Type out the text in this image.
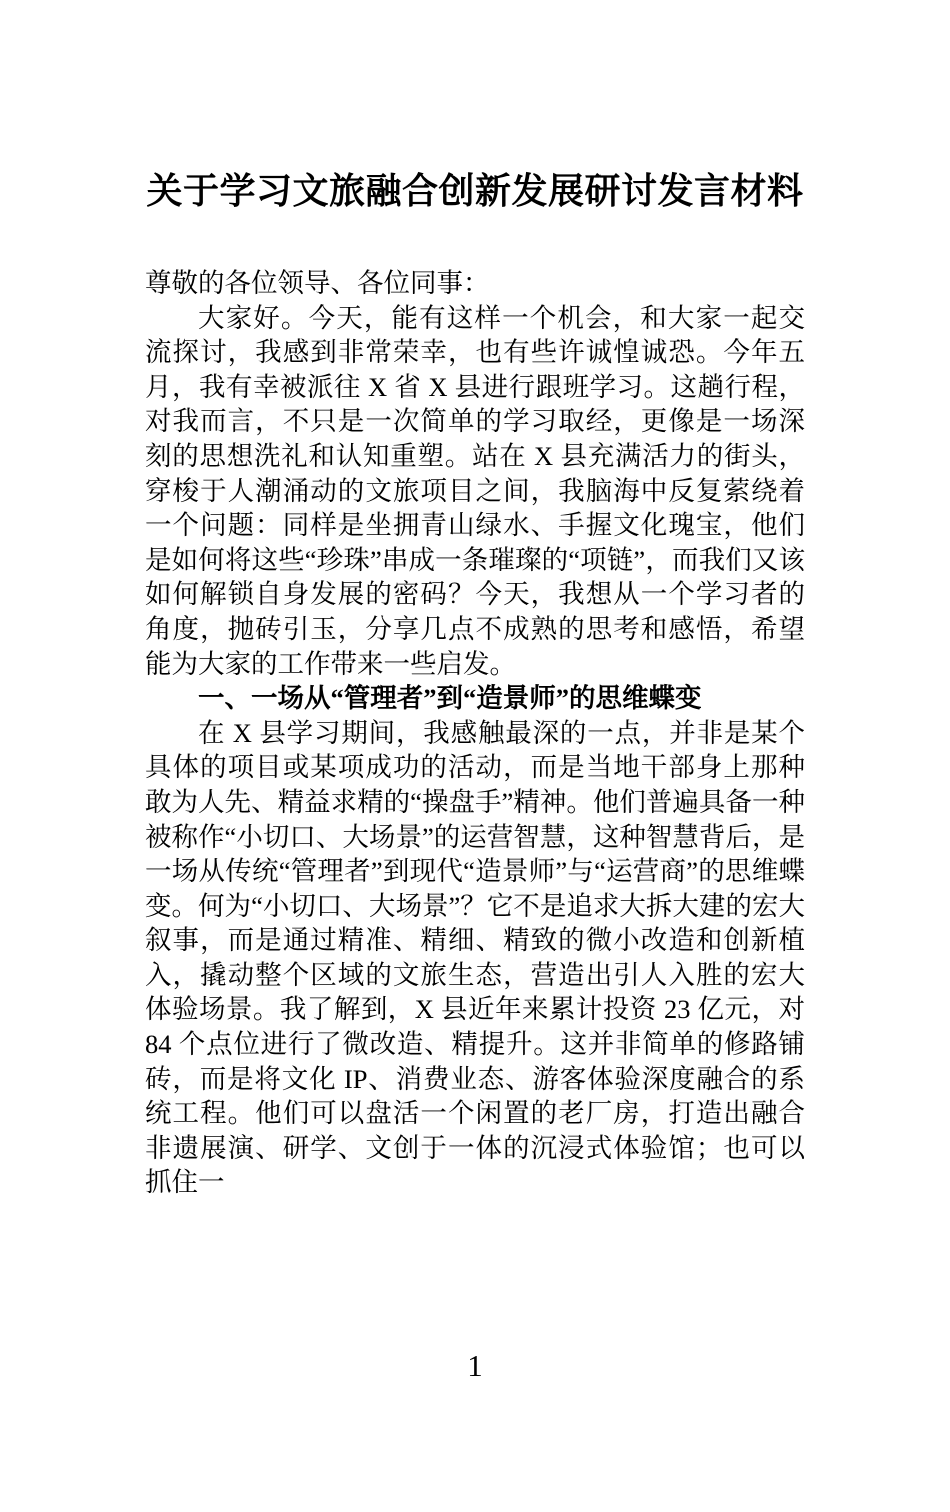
关于学习文旅融合创新发展研讨发言材料

尊敬的各位领导、各位同事：

大家好。今天，能有这样一个机会，和大家一起交流探讨，我感到非常荣幸，也有些许诚惶诚恐。今年五月，我有幸被派往 X 省 X 县进行跟班学习。这趟行程，对我而言，不只是一次简单的学习取经，更像是一场深刻的思想洗礼和认知重塑。站在 X 县充满活力的街头，穿梭于人潮涌动的文旅项目之间，我脑海中反复萦绕着一个问题：同样是坐拥青山绿水、手握文化瑰宝，他们是如何将这些“珍珠”串成一条璀璨的“项链”，而我们又该如何解锁自身发展的密码？今天，我想从一个学习者的角度，抛砖引玉，分享几点不成熟的思考和感悟，希望能为大家的工作带来一些启发。

一、一场从“管理者”到“造景师”的思维蝶变

在 X 县学习期间，我感触最深的一点，并非是某个具体的项目或某项成功的活动，而是当地干部身上那种敢为人先、精益求精的“操盘手”精神。他们普遍具备一种被称作“小切口、大场景”的运营智慧，这种智慧背后，是一场从传统“管理者”到现代“造景师”与“运营商”的思维蝶变。何为“小切口、大场景”？它不是追求大拆大建的宏大叙事，而是通过精准、精细、精致的微小改造和创新植入，撬动整个区域的文旅生态，营造出引人入胜的宏大体验场景。我了解到，X 县近年来累计投资 23 亿元，对 84 个点位进行了微改造、精提升。这并非简单的修路铺砖，而是将文化 IP、消费业态、游客体验深度融合的系统工程。他们可以盘活一个闲置的老厂房，打造出融合非遗展演、研学、文创于一体的沉浸式体验馆；也可以抓住一

1
